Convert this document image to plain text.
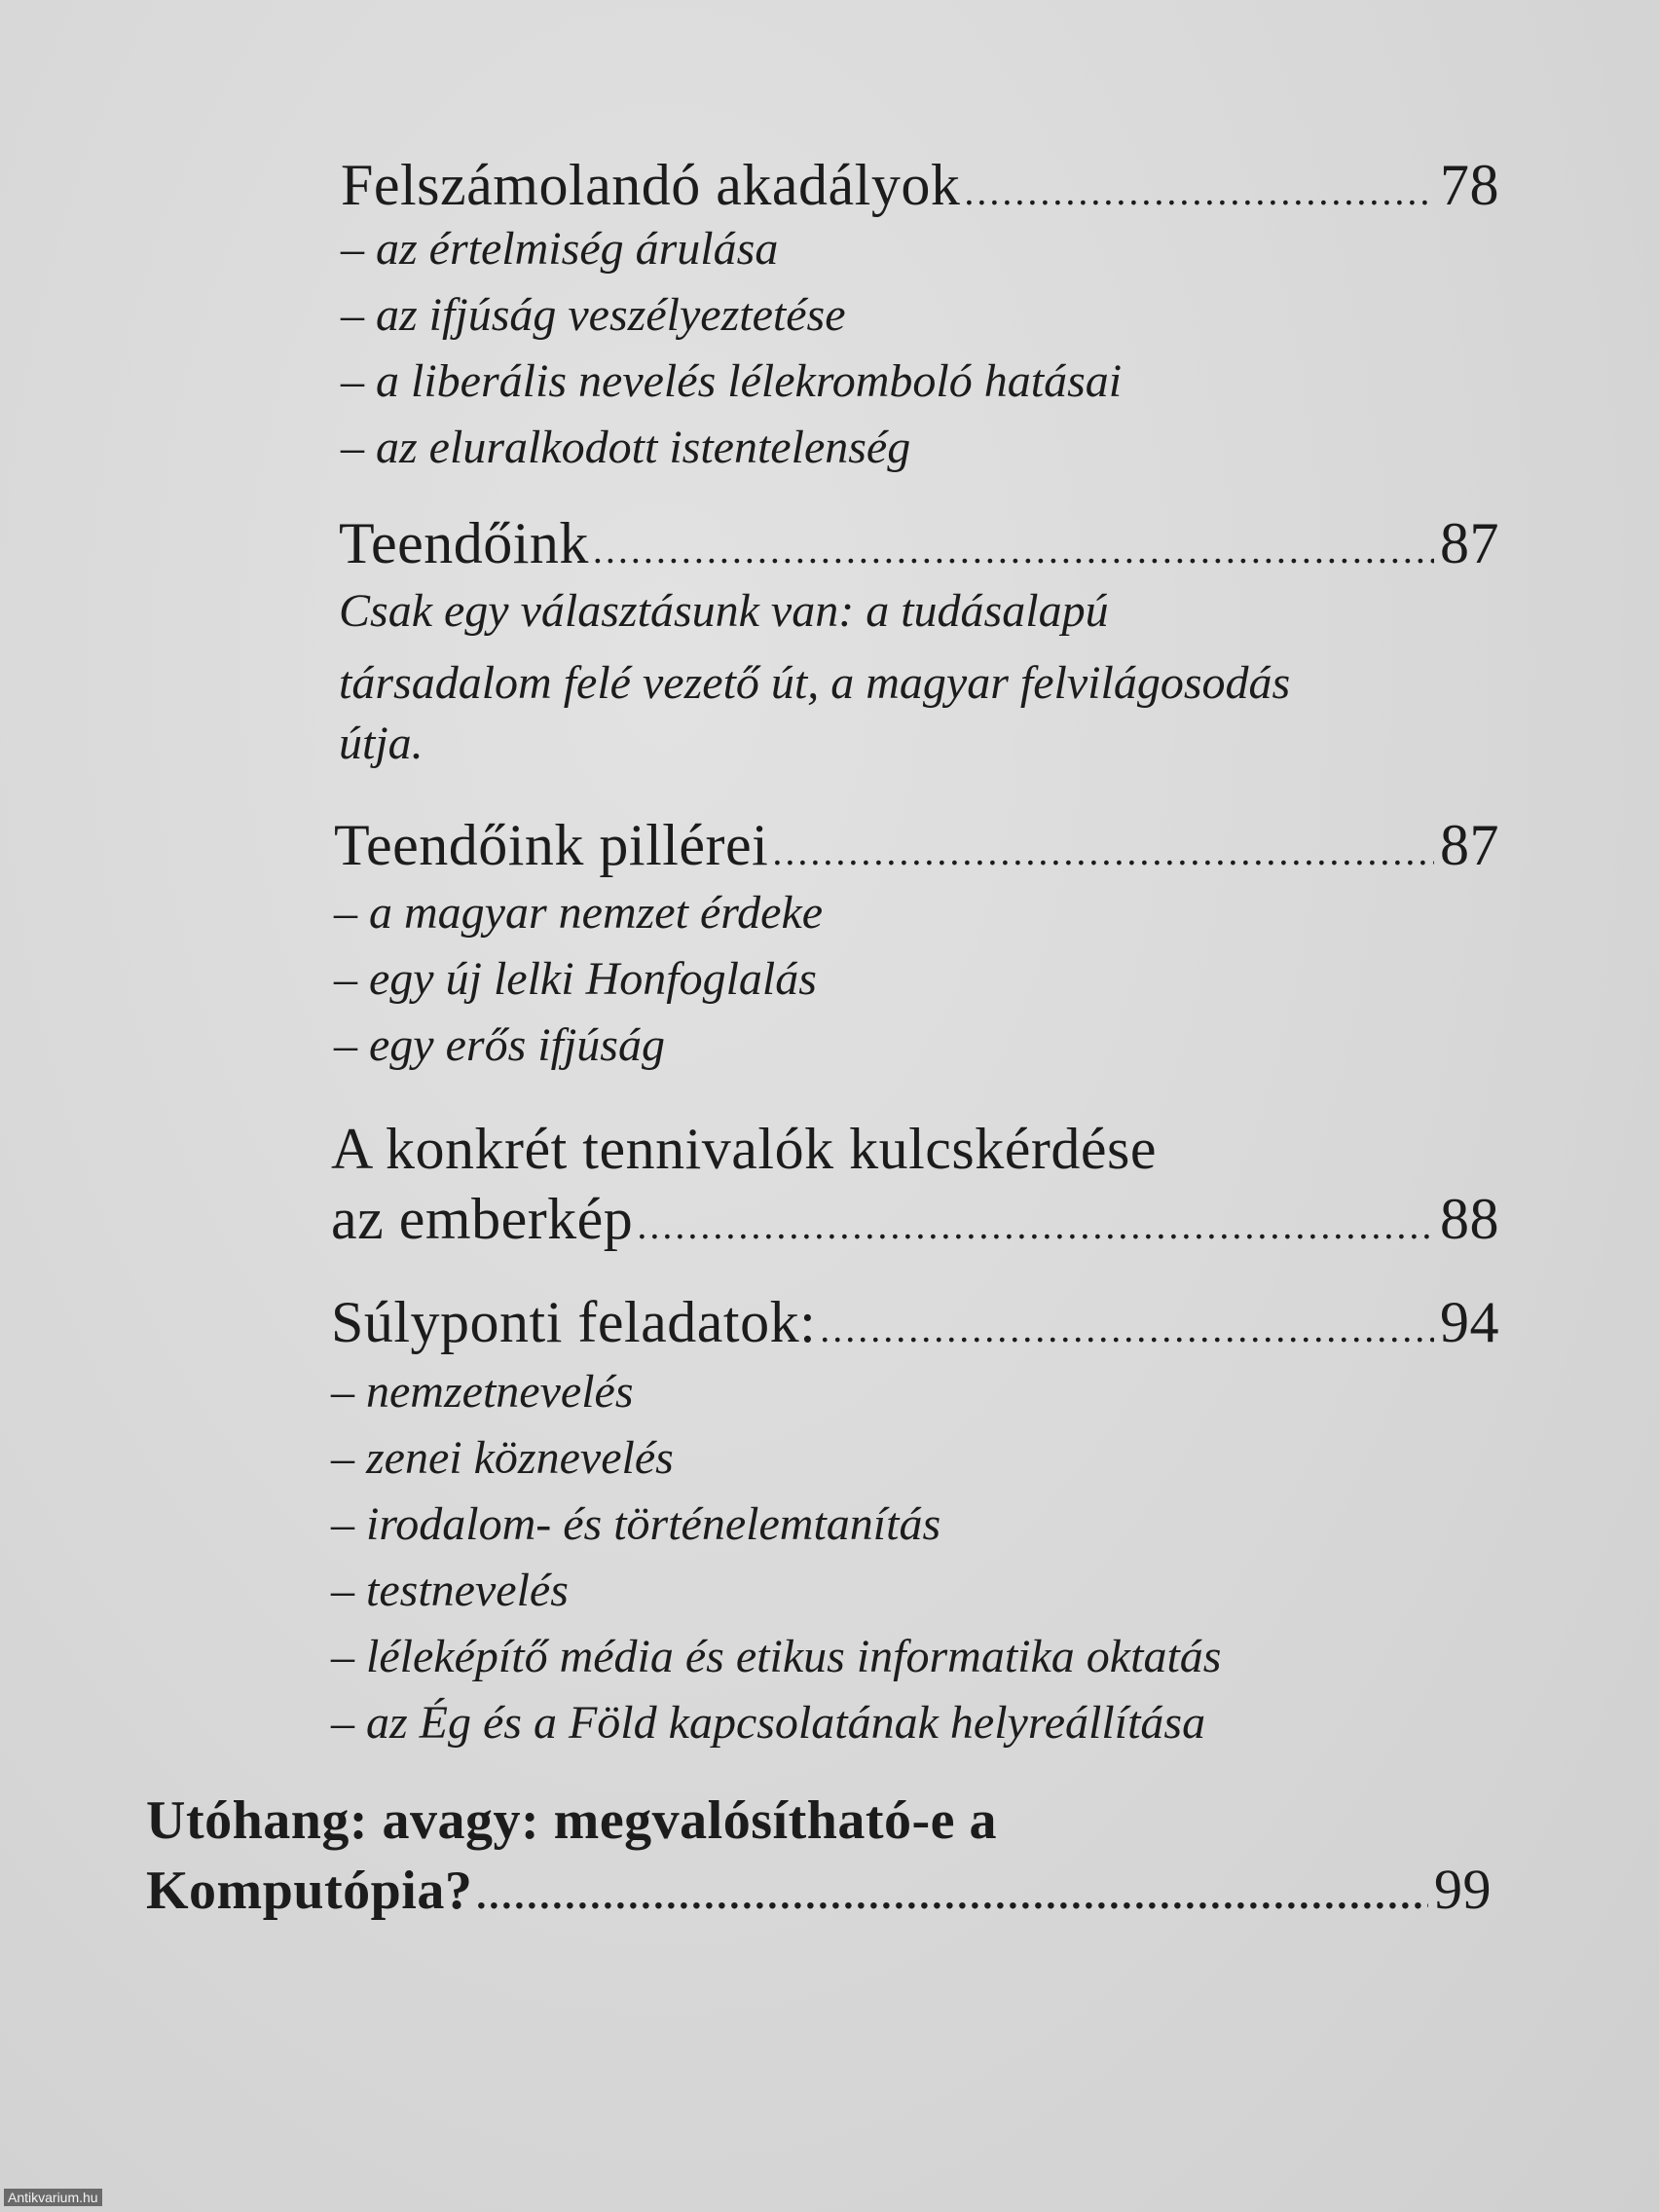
Felszámolandó akadályok .....	78
– az értelmiség árulása
– az ifjúság veszélyeztetése
– a liberális nevelés lélekromboló hatásai
– az eluralkodott istentelenség
Teendőink .....	87
Csak egy választásunk van: a tudásalapú
társadalom felé vezető út, a magyar felvilágosodás
útja.
Teendőink pillérei .....	87
– a magyar nemzet érdeke
– egy új lelki Honfoglalás
– egy erős ifjúság
A konkrét tennivalók kulcskérdése
az emberkép .....	88
Súlyponti feladatok: .....	94
– nemzetnevelés
– zenei köznevelés
– irodalom- és történelemtanítás
– testnevelés
– léleképítő média és etikus informatika oktatás
– az Ég és a Föld kapcsolatának helyreállítása
Utóhang: avagy: megvalósítható-e a
Komputópia? .....	99
Antikvarium.hu
